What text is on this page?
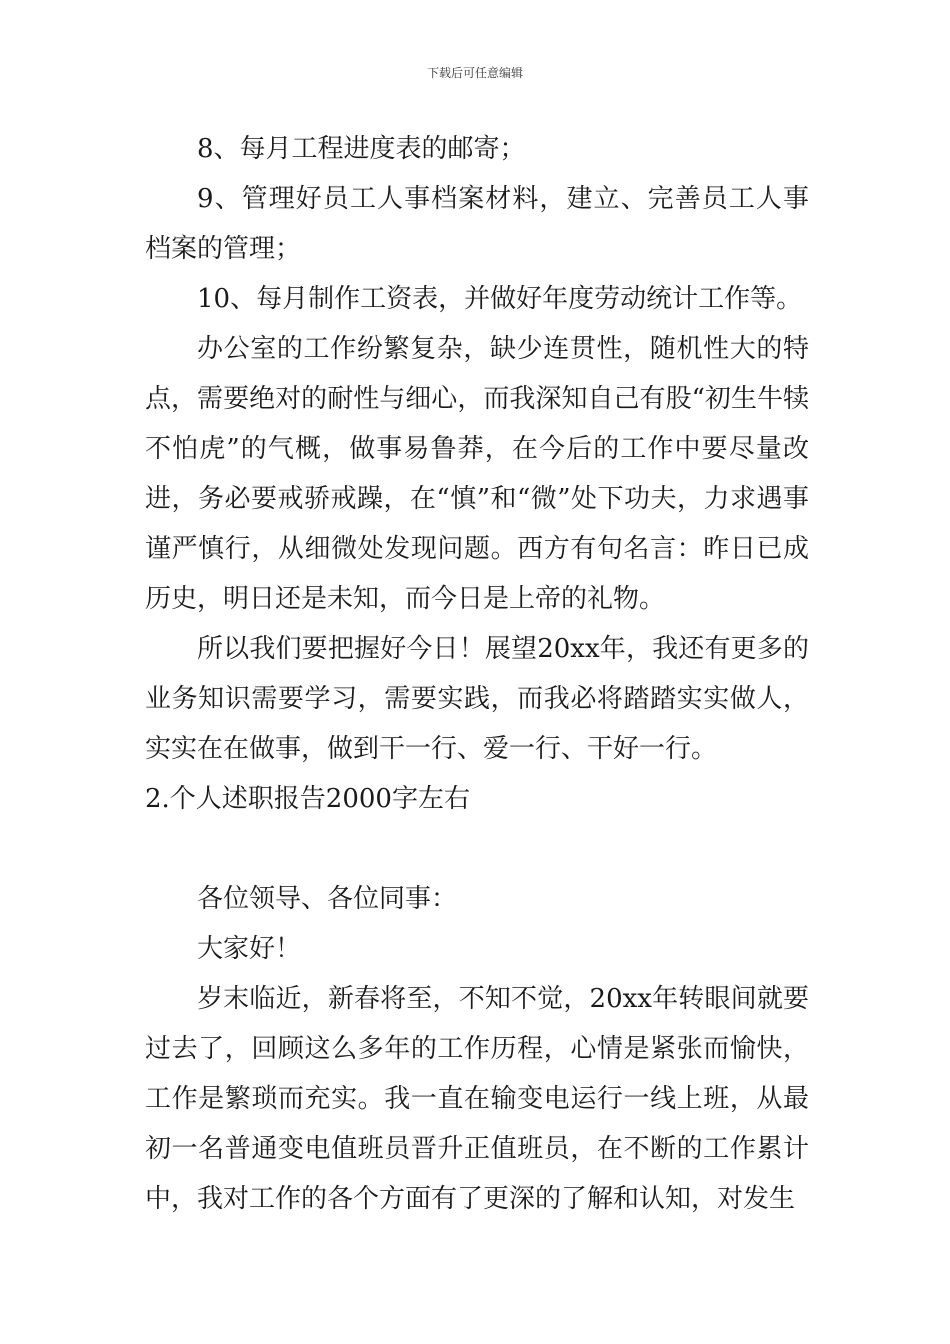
下载后可任意编辑

8、每月工程进度表的邮寄；

9、管理好员工人事档案材料，建立、完善员工人事档案的管理；

10、每月制作工资表，并做好年度劳动统计工作等。

办公室的工作纷繁复杂，缺少连贯性，随机性大的特点，需要绝对的耐性与细心，而我深知自己有股“初生牛犊不怕虎”的气概，做事易鲁莽，在今后的工作中要尽量改进，务必要戒骄戒躁，在“慎”和“微”处下功夫，力求遇事谨严慎行，从细微处发现问题。西方有句名言：昨日已成历史，明日还是未知，而今日是上帝的礼物。

所以我们要把握好今日！展望20xx年，我还有更多的业务知识需要学习，需要实践，而我必将踏踏实实做人，实实在在做事，做到干一行、爱一行、干好一行。

2.个人述职报告2000字左右

各位领导、各位同事：

大家好！

岁末临近，新春将至，不知不觉，20xx年转眼间就要过去了，回顾这么多年的工作历程，心情是紧张而愉快，工作是繁琐而充实。我一直在输变电运行一线上班，从最初一名普通变电值班员晋升正值班员，在不断的工作累计中，我对工作的各个方面有了更深的了解和认知，对发生
